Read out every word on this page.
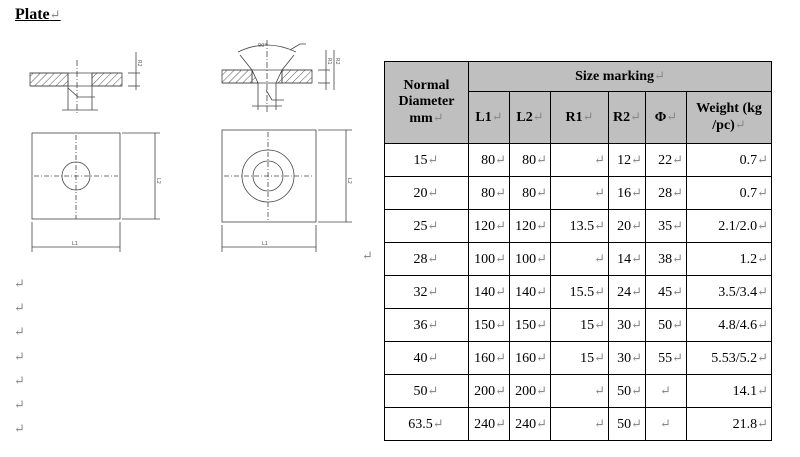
Plate↵
L1
L2
L1
L2
R2	R1 R2
90°
↵
↵
↵
↵
↵
↵
↵
↵
Normal Diameter mm↵	Size marking↵					
	L1↵	L2↵	R1↵	R2↵	Φ↵	Weight (kg /pc)↵
15↵	80↵	80↵	↵	12↵	22↵	0.7↵
20↵	80↵	80↵	↵	16↵	28↵	0.7↵
25↵	120↵	120↵	13.5↵	20↵	35↵	2.1/2.0↵
28↵	100↵	100↵	↵	14↵	38↵	1.2↵
32↵	140↵	140↵	15.5↵	24↵	45↵	3.5/3.4↵
36↵	150↵	150↵	15↵	30↵	50↵	4.8/4.6↵
40↵	160↵	160↵	15↵	30↵	55↵	5.53/5.2↵
50↵	200↵	200↵	↵	50↵	↵	14.1↵
63.5↵	240↵	240↵	↵	50↵	↵	21.8↵
